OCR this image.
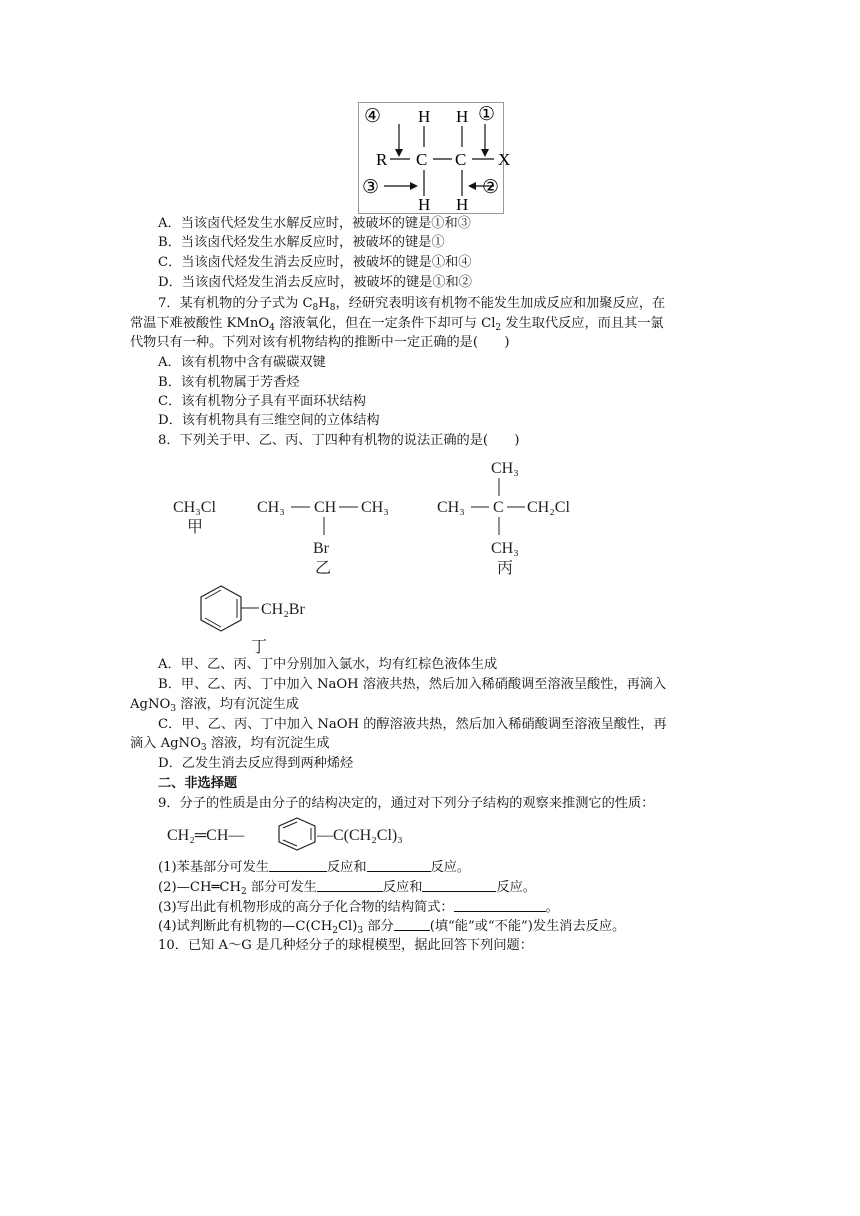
④ H H ①
R C C X
③	②
H H
A．当该卤代烃发生水解反应时，被破坏的键是①和③
B．当该卤代烃发生水解反应时，被破坏的键是①
C．当该卤代烃发生消去反应时，被破坏的键是①和④
D．当该卤代烃发生消去反应时，被破坏的键是①和②
7．某有机物的分子式为 $C_8H_8$，经研究表明该有机物不能发生加成反应和加聚反应，在
常温下难被酸性 KMnO$_4$ 溶液氧化，但在一定条件下却可与 $Cl_2$ 发生取代反应，而且其一氯
代物只有一种。下列对该有机物结构的推断中一定正确的是(　　)
A．该有机物中含有碳碳双键
B．该有机物属于芳香烃
C．该有机物分子具有平面环状结构
D．该有机物具有三维空间的立体结构
8．下列关于甲、乙、丙、丁四种有机物的说法正确的是(　　)
CH₃Cl
甲
CH₃ CH CH₃
Br
乙
CH₃
CH₃ C CH₂Cl
CH₃
丙
CH₂Br
丁
A．甲、乙、丙、丁中分别加入氯水，均有红棕色液体生成
B．甲、乙、丙、丁中加入 NaOH 溶液共热，然后加入稀硝酸调至溶液呈酸性，再滴入
AgNO$_3$ 溶液，均有沉淀生成
C．甲、乙、丙、丁中加入 NaOH 的醇溶液共热，然后加入稀硝酸调至溶液呈酸性，再
滴入 AgNO$_3$ 溶液，均有沉淀生成
D．乙发生消去反应得到两种烯烃
二、非选择题
9．分子的性质是由分子的结构决定的，通过对下列分子结构的观察来推测它的性质：
CH₂═CH—	—C(CH₂Cl)₃
(1)苯基部分可发生	反应和	反应。
$(2)—CH═CH_2$ 部分可发生	反应和	反应。
(3)写出此有机物形成的高分子化合物的结构简式：	。
(4)试判断此有机物的$—C(CH_2Cl)_3$ 部分	(填“能”或“不能”)发生消去反应。
10．已知 A～G 是几种烃分子的球棍模型，据此回答下列问题：
